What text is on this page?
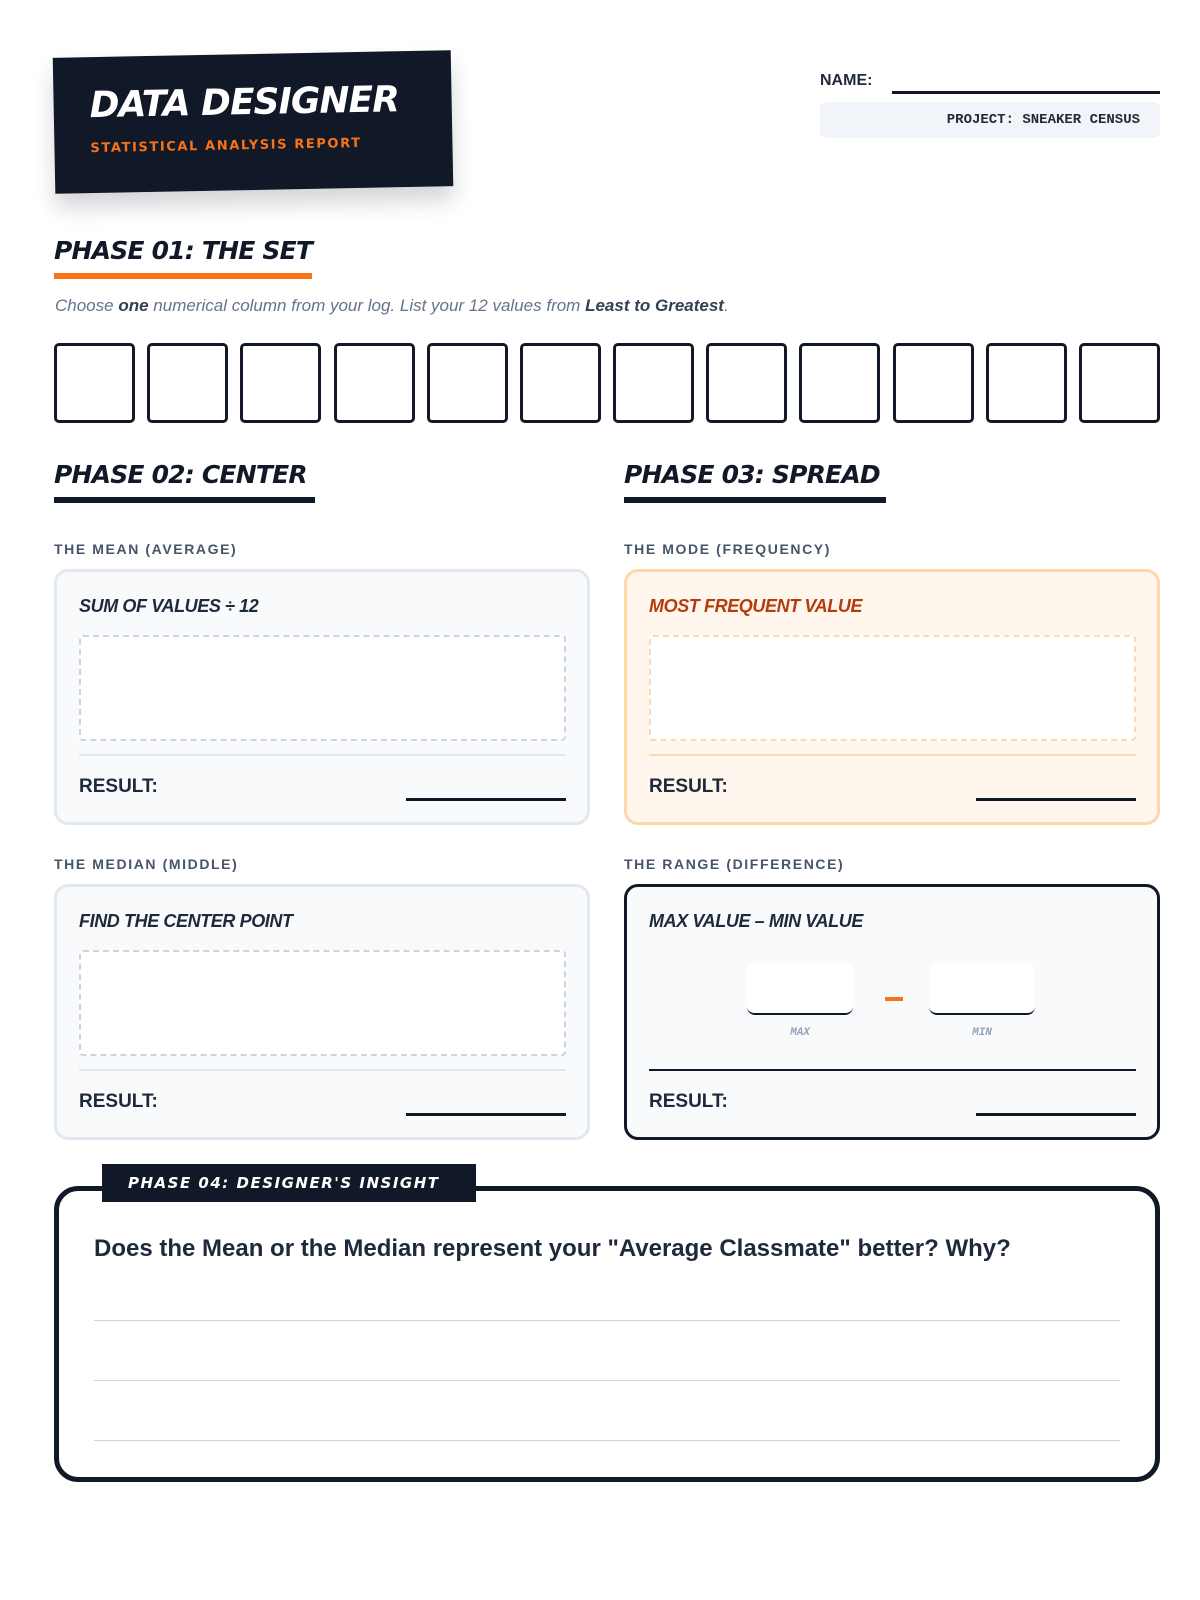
DATA DESIGNER
STATISTICAL ANALYSIS REPORT
NAME:
PROJECT: SNEAKER CENSUS
PHASE 01: THE SET
Choose one numerical column from your log. List your 12 values from Least to Greatest.
PHASE 02: CENTER	PHASE 03: SPREAD
THE MEAN (AVERAGE)
SUM OF VALUES ÷ 12
RESULT:
THE MODE (FREQUENCY)
MOST FREQUENT VALUE
RESULT:
THE MEDIAN (MIDDLE)
FIND THE CENTER POINT
RESULT:
THE RANGE (DIFFERENCE)
MAX VALUE – MIN VALUE
MAX	MIN
RESULT:
Does the Mean or the Median represent your "Average Classmate" better? Why?
PHASE 04: DESIGNER'S INSIGHT
